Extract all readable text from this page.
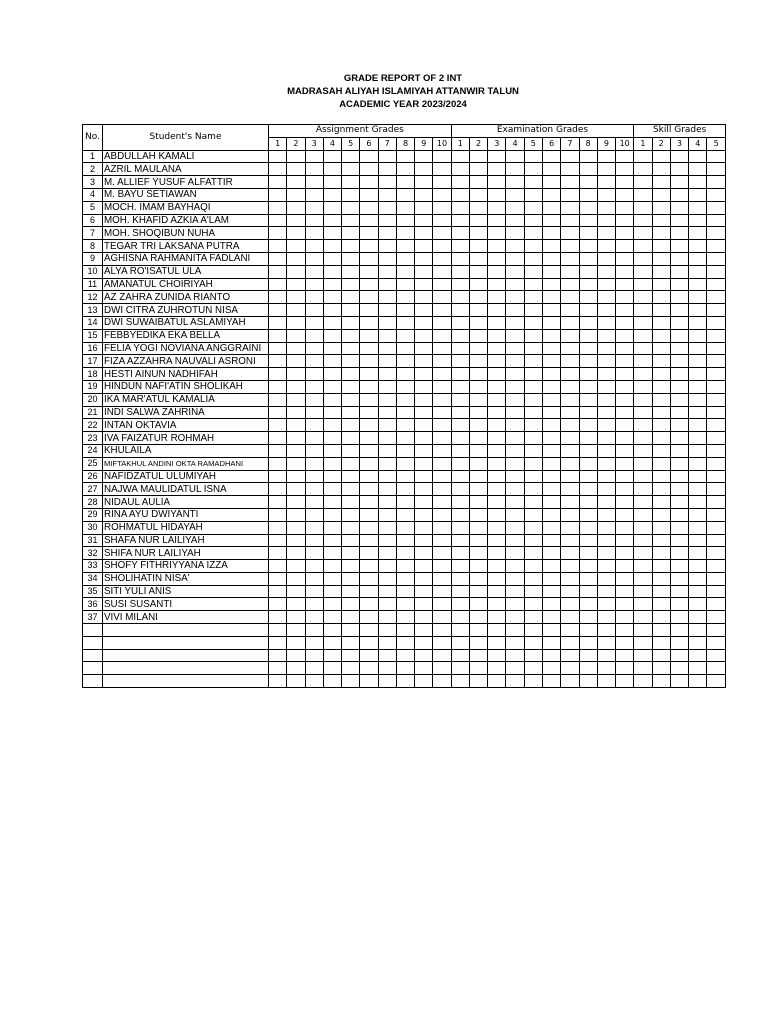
GRADE REPORT OF 2 INT
MADRASAH ALIYAH ISLAMIYAH ATTANWIR TALUN
ACADEMIC YEAR 2023/2024
No.	Student's Name	Assignment Grades										Examination Grades										Skill Grades				
		1	2	3	4	5	6	7	8	9	10	1	2	3	4	5	6	7	8	9	10	1	2	3	4	5
1	ABDULLAH KAMALI																									
2	AZRIL MAULANA																									
3	M. ALLIEF YUSUF ALFATTIR																									
4	M. BAYU SETIAWAN																									
5	MOCH. IMAM BAYHAQI																									
6	MOH. KHAFID AZKIA A'LAM																									
7	MOH. SHOQIBUN NUHA																									
8	TEGAR TRI LAKSANA PUTRA																									
9	AGHISNA RAHMANITA FADLANI																									
10	ALYA RO'ISATUL ULA																									
11	AMANATUL CHOIRIYAH																									
12	AZ ZAHRA ZUNIDA RIANTO																									
13	DWI CITRA ZUHROTUN NISA																									
14	DWI SUWAIBATUL ASLAMIYAH																									
15	FEBBYEDIKA EKA BELLA																									
16	FELIA YOGI NOVIANA ANGGRAINI																									
17	FIZA AZZAHRA NAUVALI ASRONI																									
18	HESTI AINUN NADHIFAH																									
19	HINDUN NAFI'ATIN SHOLIKAH																									
20	IKA MAR'ATUL KAMALIA																									
21	INDI SALWA ZAHRINA																									
22	INTAN OKTAVIA																									
23	IVA FAIZATUR ROHMAH																									
24	KHULAILA																									
25	MIFTAKHUL ANDINI OKTA RAMADHANI																									
26	NAFIDZATUL ULUMIYAH																									
27	NAJWA MAULIDATUL ISNA																									
28	NIDAUL AULIA																									
29	RINA AYU DWIYANTI																									
30	ROHMATUL HIDAYAH																									
31	SHAFA NUR LAILIYAH																									
32	SHIFA NUR LAILIYAH																									
33	SHOFY FITHRIYYANA IZZA																									
34	SHOLIHATIN NISA'																									
35	SITI YULI ANIS																									
36	SUSI SUSANTI																									
37	VIVI MILANI																									
